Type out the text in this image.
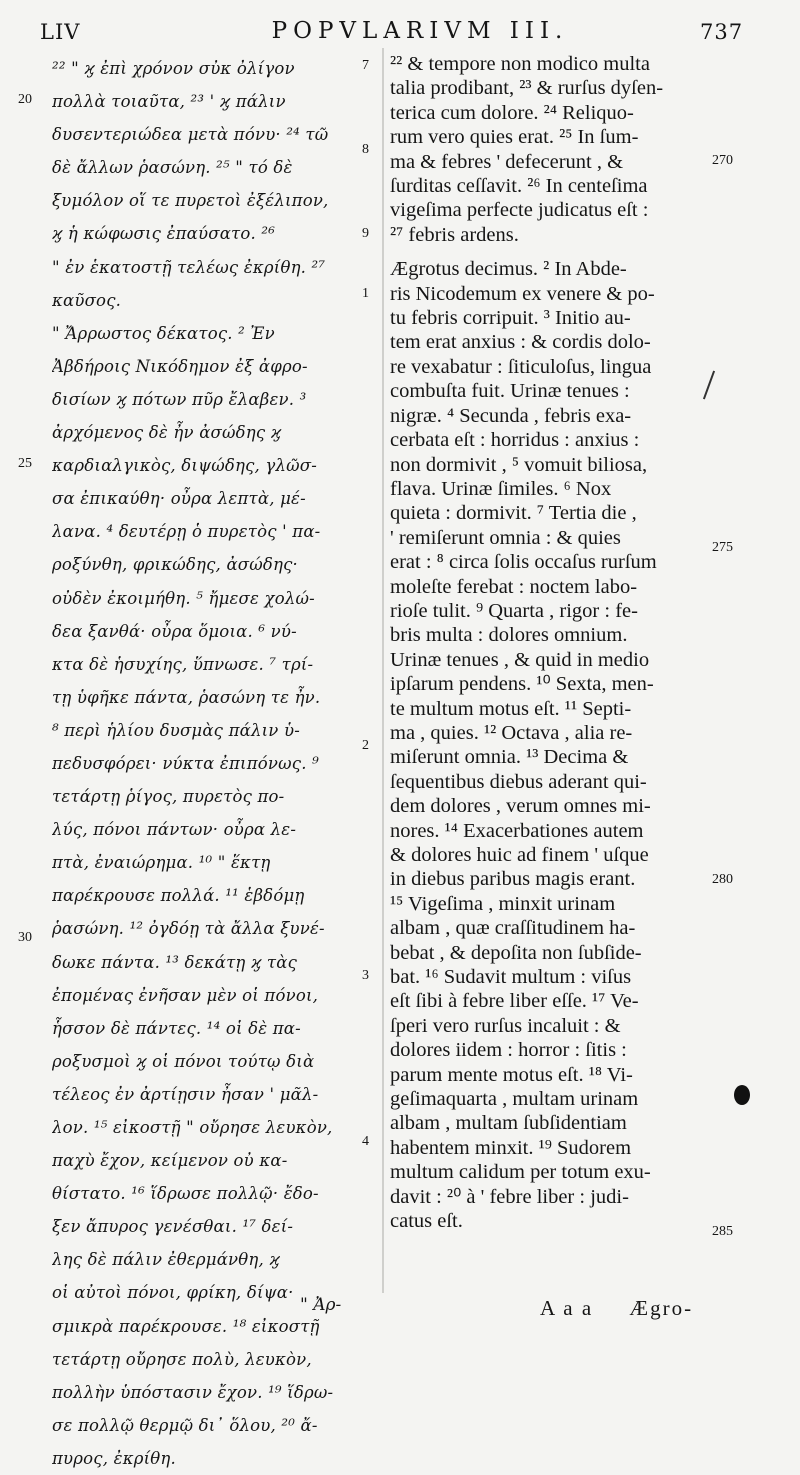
LIV	POPVLARIVM III.	737
²² " ϗ ἐπὶ χρόνον σὐκ ὀλίγον
πολλὰ τοιαῦτα, ²³ ' ϗ πάλιν
δυσεντεριώδεα μετὰ πόνυ· ²⁴ τῶ
δὲ ἄλλων ῥασώνη. ²⁵ " τό δὲ
ξυμόλον οἵ τε πυρετοὶ ἐξέλιπον,
ϗ ἡ κώφωσις ἐπαύσατο. ²⁶
" ἐν ἑκατοστῇ τελέως ἐκρίθη. ²⁷
καῦσος.
" Ἄρρωστος δέκατος. ² Ἐν
Ἀβδήροις Νικόδημον ἐξ ἀφρο-
δισίων ϗ πότων πῦρ ἔλαβεν. ³
ἀρχόμενος δὲ ἦν ἀσώδης ϗ
καρδιαλγικὸς, διψώδης, γλῶσ-
σα ἐπικαύθη· οὖρα λεπτὰ, μέ-
λανα. ⁴ δευτέρῃ ὁ πυρετὸς ' πα-
ροξύνθη, φρικώδης, ἀσώδης·
οὐδὲν ἐκοιμήθη. ⁵ ἤμεσε χολώ-
δεα ξανθά· οὖρα ὅμοια. ⁶ νύ-
κτα δὲ ἡσυχίης, ὕπνωσε. ⁷ τρί-
τῃ ὑφῆκε πάντα, ῥασώνη τε ἦν.
⁸ περὶ ἡλίου δυσμὰς πάλιν ὑ-
πεδυσφόρει· νύκτα ἐπιπόνως. ⁹
τετάρτῃ ῥίγος, πυρετὸς πο-
λύς, πόνοι πάντων· οὖρα λε-
πτὰ, ἐναιώρημα. ¹⁰ " ἕκτῃ
παρέκρουσε πολλά. ¹¹ ἑβδόμῃ
ῥασώνη. ¹² ὀγδόῃ τὰ ἄλλα ξυνέ-
δωκε πάντα. ¹³ δεκάτῃ ϗ τὰς
ἐπομένας ἐνῆσαν μὲν οἱ πόνοι,
ἧσσον δὲ πάντες. ¹⁴ οἱ δὲ πα-
ροξυσμοὶ ϗ οἱ πόνοι τούτῳ διὰ
τέλεος ἐν ἀρτίῃσιν ἦσαν ' μᾶλ-
λον. ¹⁵ εἰκοστῇ " οὔρησε λευκὸν,
παχὺ ἔχον, κείμενον οὐ κα-
θίστατο. ¹⁶ ἵδρωσε πολλῷ· ἔδο-
ξεν ἄπυρος γενέσθαι. ¹⁷ δεί-
λης δὲ πάλιν ἐθερμάνθη, ϗ
οἱ αὐτοὶ πόνοι, φρίκη, δίψα·
σμικρὰ παρέκρουσε. ¹⁸ εἰκοστῇ
τετάρτῃ οὔρησε πολὺ, λευκὸν,
πολλὴν ὑπόστασιν ἔχον. ¹⁹ ἵδρω-
σε πολλῷ θερμῷ δι᾽ ὅλου, ²⁰ ἄ-
πυρος, ἐκρίθη.
²² & tempore non modico multa
talia prodibant, ²³ & rurſus dyſen-
terica cum dolore. ²⁴ Reliquo-
rum vero quies erat. ²⁵ In ſum-
ma & febres ' defecerunt , &
ſurditas ceſſavit. ²⁶ In centeſima
vigeſima perfecte judicatus eſt :
²⁷ febris ardens.
Ægrotus decimus. ² In Abde-
ris Nicodemum ex venere & po-
tu febris corripuit. ³ Initio au-
tem erat anxius : & cordis dolo-
re vexabatur : ſiticuloſus, lingua
combuſta fuit. Urinæ tenues :
nigræ. ⁴ Secunda , febris exa-
cerbata eſt : horridus : anxius :
non dormivit , ⁵ vomuit biliosa,
flava. Urinæ ſimiles. ⁶ Nox
quieta : dormivit. ⁷ Tertia die ,
' remiſerunt omnia : & quies
erat : ⁸ circa ſolis occaſus rurſum
moleſte ferebat : noctem labo-
rioſe tulit. ⁹ Quarta , rigor : fe-
bris multa : dolores omnium.
Urinæ tenues , & quid in medio
ipſarum pendens. ¹⁰ Sexta, men-
te multum motus eſt. ¹¹ Septi-
ma , quies. ¹² Octava , alia re-
miſerunt omnia. ¹³ Decima &
ſequentibus diebus aderant qui-
dem dolores , verum omnes mi-
nores. ¹⁴ Exacerbationes autem
& dolores huic ad finem ' uſque
in diebus paribus magis erant.
¹⁵ Vigeſima , minxit urinam
albam , quæ craſſitudinem ha-
bebat , & depoſita non ſubſide-
bat. ¹⁶ Sudavit multum : viſus
eſt ſibi à febre liber eſſe. ¹⁷ Ve-
ſperi vero rurſus incaluit : &
dolores iidem : horror : ſitis :
parum mente motus eſt. ¹⁸ Vi-
geſimaquarta , multam urinam
albam , multam ſubſidentiam
habentem minxit. ¹⁹ Sudorem
multum calidum per totum exu-
davit : ²⁰ à ' febre liber : judi-
catus eſt.
7
20
8
9
1
25
2
30
3
4
270
275
280
285
" Ἀρ-	A a a Ægro-
